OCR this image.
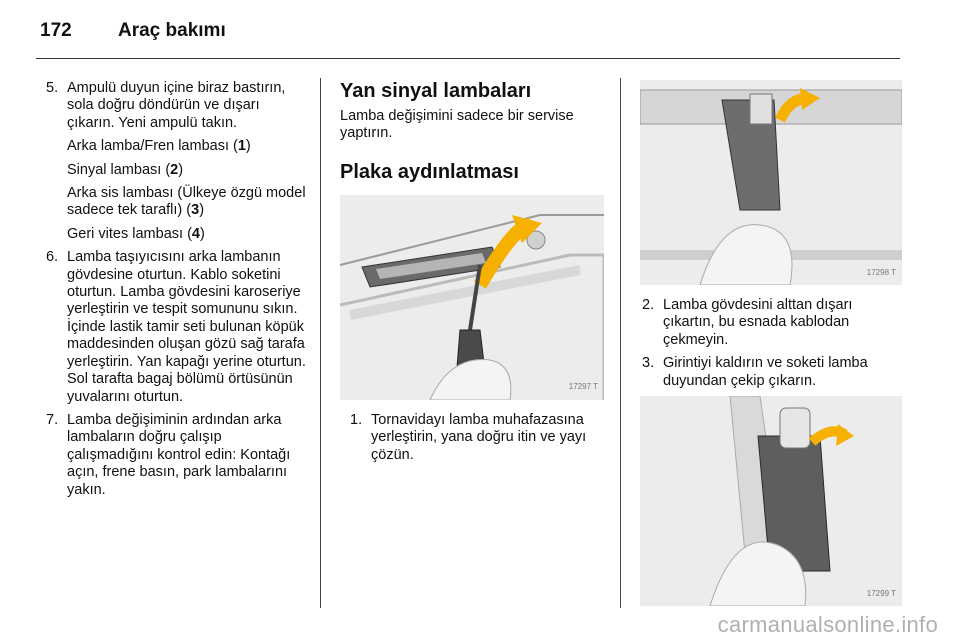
172	Araç bakımı
5. Ampulü duyun içine biraz bastırın, sola doğru döndürün ve dışarı çıkarın. Yeni ampulü takın.
Arka lamba/Fren lambası (1)
Sinyal lambası (2)
Arka sis lambası (Ülkeye özgü model sadece tek taraflı) (3)
Geri vites lambası (4)
6. Lamba taşıyıcısını arka lambanın gövdesine oturtun. Kablo soketini oturtun. Lamba gövdesini karoseriye yerleştirin ve tespit somununu sıkın. İçinde lastik tamir seti bulunan köpük maddesinden oluşan gözü sağ tarafa yerleştirin. Yan kapağı yerine oturtun. Sol tarafta bagaj bölümü örtüsünün yuvalarını oturtun.
7. Lamba değişiminin ardından arka lambaların doğru çalışıp çalışmadığını kontrol edin: Kontağı açın, frene basın, park lambalarını yakın.
Yan sinyal lambaları

Lamba değişimini sadece bir servise yaptırın.

Plaka aydınlatması
17297 T
1. Tornavidayı lamba muhafazasına yerleştirin, yana doğru itin ve yayı çözün.
17298 T
2. Lamba gövdesini alttan dışarı çıkartın, bu esnada kablodan çekmeyin.
3. Girintiyi kaldırın ve soketi lamba duyundan çekip çıkarın.
17299 T
carmanualsonline.info
